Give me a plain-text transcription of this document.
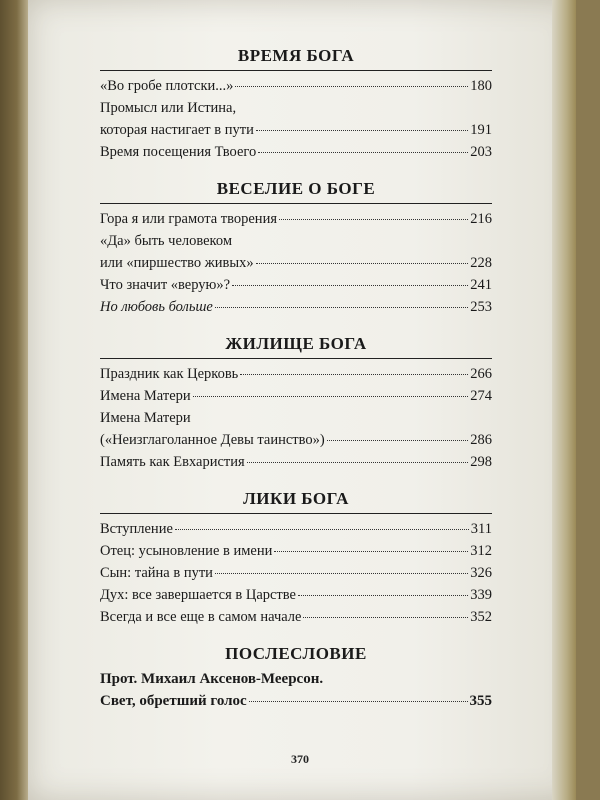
ВРЕМЯ БОГА
«Во гробе плотски...»	180
Промысл или Истина,
которая настигает в пути	191
Время посещения Твоего	203
ВЕСЕЛИЕ О БОГЕ
Гора я или грамота творения	216
«Да» быть человеком
или «пиршество живых»	228
Что значит «верую»?	241
Но любовь больше	253
ЖИЛИЩЕ БОГА
Праздник как Церковь	266
Имена Матери	274
Имена Матери
(«Неизглаголанное Девы таинство»)	286
Память как Евхаристия	298
ЛИКИ БОГА
Вступление	311
Отец: усыновление в имени	312
Сын: тайна в пути	326
Дух: все завершается в Царстве	339
Всегда и все еще в самом начале	352
ПОСЛЕСЛОВИЕ
Прот. Михаил Аксенов-Меерсон.
Свет, обретший голос	355
370
